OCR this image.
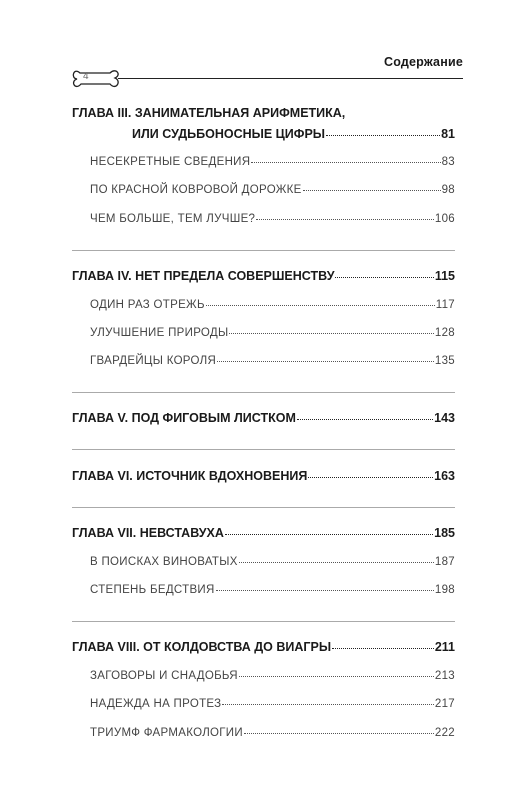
Содержание
4
ГЛАВА III. ЗАНИМАТЕЛЬНАЯ АРИФМЕТИКА,
ИЛИ СУДЬБОНОСНЫЕ ЦИФРЫ	81
НЕСЕКРЕТНЫЕ СВЕДЕНИЯ	83
ПО КРАСНОЙ КОВРОВОЙ ДОРОЖКЕ	98
ЧЕМ БОЛЬШЕ, ТЕМ ЛУЧШЕ?	106
ГЛАВА IV. НЕТ ПРЕДЕЛА СОВЕРШЕНСТВУ	115
ОДИН РАЗ ОТРЕЖЬ	117
УЛУЧШЕНИЕ ПРИРОДЫ	128
ГВАРДЕЙЦЫ КОРОЛЯ	135
ГЛАВА V. ПОД ФИГОВЫМ ЛИСТКОМ	143
ГЛАВА VI. ИСТОЧНИК ВДОХНОВЕНИЯ	163
ГЛАВА VII. НЕВСТАВУХА	185
В ПОИСКАХ ВИНОВАТЫХ	187
СТЕПЕНЬ БЕДСТВИЯ	198
ГЛАВА VIII. ОТ КОЛДОВСТВА ДО ВИАГРЫ	211
ЗАГОВОРЫ И СНАДОБЬЯ	213
НАДЕЖДА НА ПРОТЕЗ	217
ТРИУМФ ФАРМАКОЛОГИИ	222
